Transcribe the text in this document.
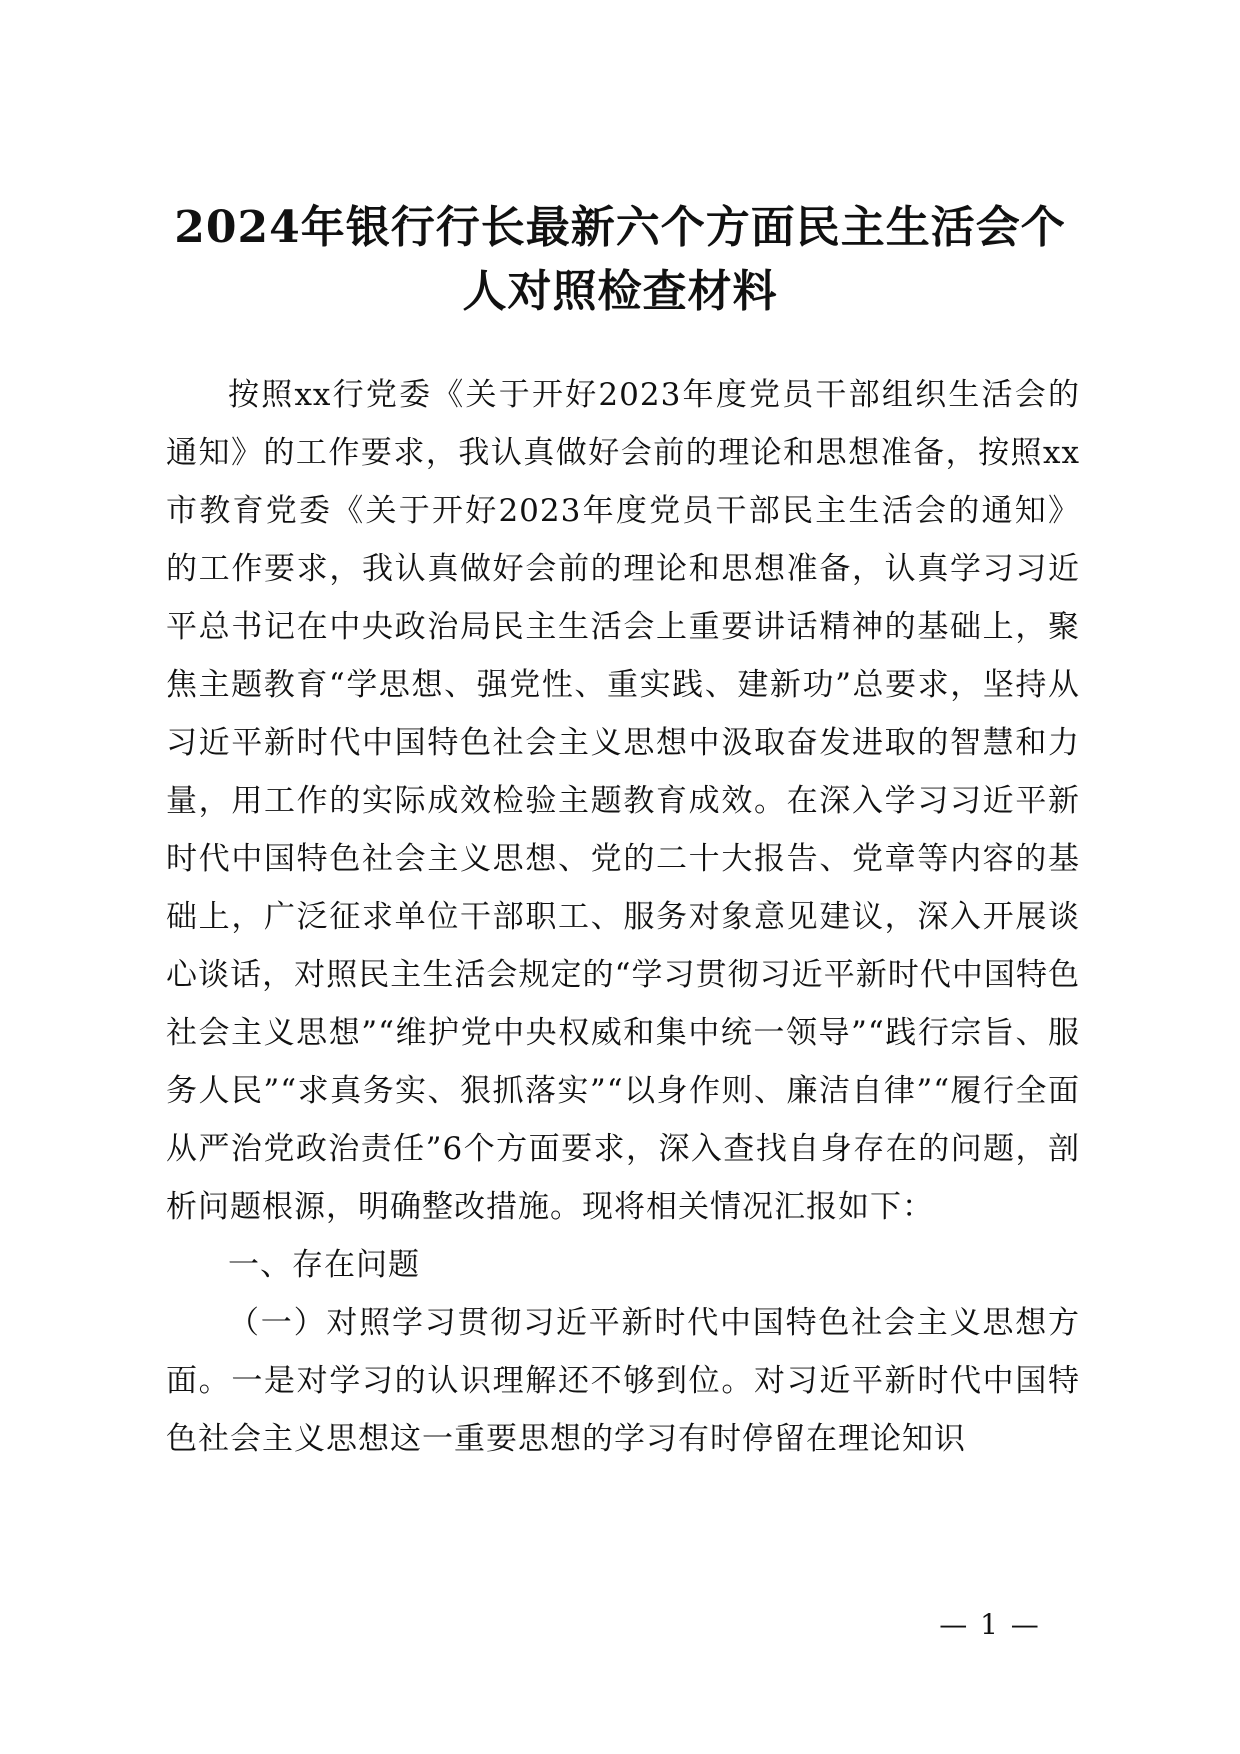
2024年银行行长最新六个方面民主生活会个人对照检查材料

按照xx行党委《关于开好2023年度党员干部组织生活会的通知》的工作要求，我认真做好会前的理论和思想准备，按照xx市教育党委《关于开好2023年度党员干部民主生活会的通知》的工作要求，我认真做好会前的理论和思想准备，认真学习习近平总书记在中央政治局民主生活会上重要讲话精神的基础上，聚焦主题教育“学思想、强党性、重实践、建新功”总要求，坚持从习近平新时代中国特色社会主义思想中汲取奋发进取的智慧和力量，用工作的实际成效检验主题教育成效。在深入学习习近平新时代中国特色社会主义思想、党的二十大报告、党章等内容的基础上，广泛征求单位干部职工、服务对象意见建议，深入开展谈心谈话，对照民主生活会规定的“学习贯彻习近平新时代中国特色社会主义思想”“维护党中央权威和集中统一领导”“践行宗旨、服务人民”“求真务实、狠抓落实”“以身作则、廉洁自律”“履行全面从严治党政治责任”6个方面要求，深入查找自身存在的问题，剖析问题根源，明确整改措施。现将相关情况汇报如下：

一、存在问题

（一）对照学习贯彻习近平新时代中国特色社会主义思想方面。一是对学习的认识理解还不够到位。对习近平新时代中国特色社会主义思想这一重要思想的学习有时停留在理论知识

— 1 —
